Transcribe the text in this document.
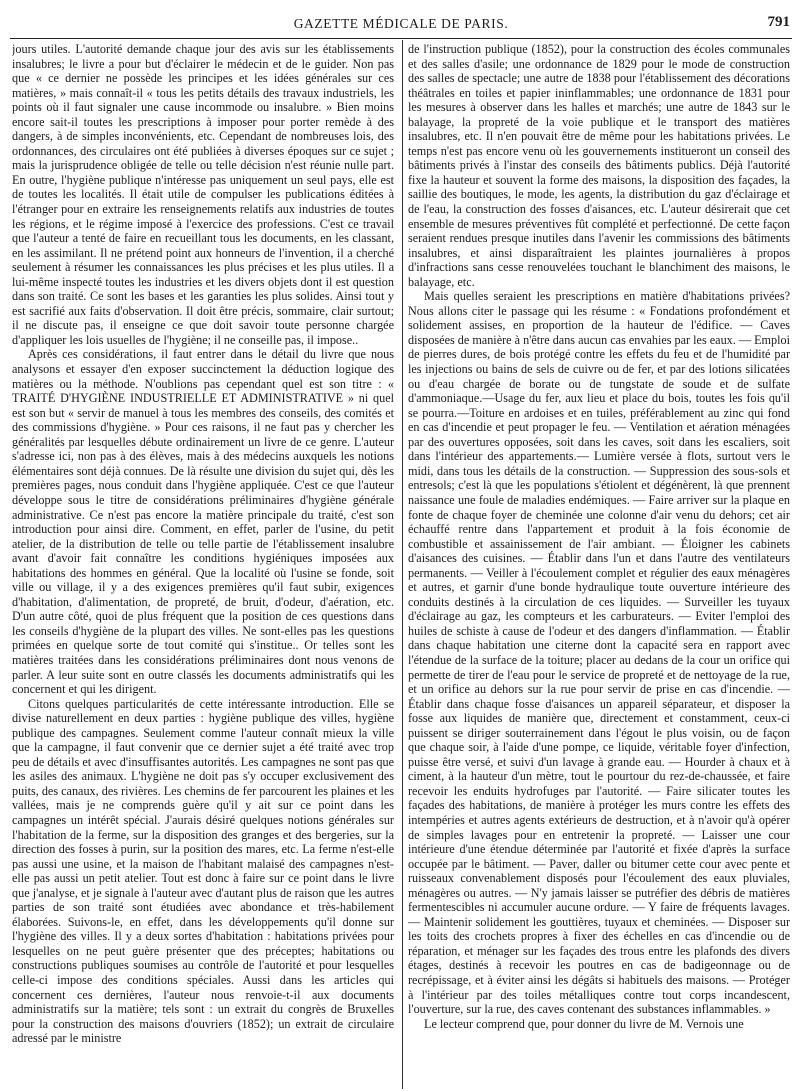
GAZETTE MÉDICALE DE PARIS.	791

jours utiles. L'autorité demande chaque jour des avis sur les établissements insalubres; le livre a pour but d'éclairer le médecin et de le guider. Non pas que « ce dernier ne possède les principes et les idées générales sur ces matières, » mais connaît-il « tous les petits détails des travaux industriels, les points où il faut signaler une cause incommode ou insalubre. » Bien moins encore sait-il toutes les prescriptions à imposer pour porter remède à des dangers, à de simples inconvénients, etc. Cependant de nombreuses lois, des ordonnances, des circulaires ont été publiées à diverses époques sur ce sujet ; mais la jurisprudence obligée de telle ou telle décision n'est réunie nulle part. En outre, l'hygiène publique n'intéresse pas uniquement un seul pays, elle est de toutes les localités. Il était utile de compulser les publications éditées à l'étranger pour en extraire les renseignements relatifs aux industries de toutes les régions, et le régime imposé à l'exercice des professions. C'est ce travail que l'auteur a tenté de faire en recueillant tous les documents, en les classant, en les assimilant. Il ne prétend point aux honneurs de l'invention, il a cherché seulement à résumer les connaissances les plus précises et les plus utiles. Il a lui-même inspecté toutes les industries et les divers objets dont il est question dans son traité. Ce sont les bases et les garanties les plus solides. Ainsi tout y est sacrifié aux faits d'observation. Il doit être précis, sommaire, clair surtout; il ne discute pas, il enseigne ce que doit savoir toute personne chargée d'appliquer les lois usuelles de l'hygiène; il ne conseille pas, il impose..

Après ces considérations, il faut entrer dans le détail du livre que nous analysons et essayer d'en exposer succinctement la déduction logique des matières ou la méthode. N'oublions pas cependant quel est son titre : « TRAITÉ D'HYGIÈNE INDUSTRIELLE ET ADMINISTRATIVE » ni quel est son but « servir de manuel à tous les membres des conseils, des comités et des commissions d'hygiène. » Pour ces raisons, il ne faut pas y chercher les généralités par lesquelles débute ordinairement un livre de ce genre. L'auteur s'adresse ici, non pas à des élèves, mais à des médecins auxquels les notions élémentaires sont déjà connues. De là résulte une division du sujet qui, dès les premières pages, nous conduit dans l'hygiène appliquée. C'est ce que l'auteur développe sous le titre de considérations préliminaires d'hygiène générale administrative. Ce n'est pas encore la matière principale du traité, c'est son introduction pour ainsi dire. Comment, en effet, parler de l'usine, du petit atelier, de la distribution de telle ou telle partie de l'établissement insalubre avant d'avoir fait connaître les conditions hygiéniques imposées aux habitations des hommes en général. Que la localité où l'usine se fonde, soit ville ou village, il y a des exigences premières qu'il faut subir, exigences d'habitation, d'alimentation, de propreté, de bruit, d'odeur, d'aération, etc. D'un autre côté, quoi de plus fréquent que la position de ces questions dans les conseils d'hygiène de la plupart des villes. Ne sont-elles pas les questions primées en quelque sorte de tout comité qui s'institue.. Or telles sont les matières traitées dans les considérations préliminaires dont nous venons de parler. A leur suite sont en outre classés les documents administratifs qui les concernent et qui les dirigent.

Citons quelques particularités de cette intéressante introduction. Elle se divise naturellement en deux parties : hygiène publique des villes, hygiène publique des campagnes. Seulement comme l'auteur connaît mieux la ville que la campagne, il faut convenir que ce dernier sujet a été traité avec trop peu de détails et avec d'insuffisantes autorités. Les campagnes ne sont pas que les asiles des animaux. L'hygiène ne doit pas s'y occuper exclusivement des puits, des canaux, des rivières. Les chemins de fer parcourent les plaines et les vallées, mais je ne comprends guère qu'il y ait sur ce point dans les campagnes un intérêt spécial. J'aurais désiré quelques notions générales sur l'habitation de la ferme, sur la disposition des granges et des bergeries, sur la direction des fosses à purin, sur la position des mares, etc. La ferme n'est-elle pas aussi une usine, et la maison de l'habitant malaisé des campagnes n'est-elle pas aussi un petit atelier. Tout est donc à faire sur ce point dans le livre que j'analyse, et je signale à l'auteur avec d'autant plus de raison que les autres parties de son traité sont étudiées avec abondance et très-habilement élaborées. Suivons-le, en effet, dans les développements qu'il donne sur l'hygiène des villes. Il y a deux sortes d'habitation : habitations privées pour lesquelles on ne peut guère présenter que des préceptes; habitations ou constructions publiques soumises au contrôle de l'autorité et pour lesquelles celle-ci impose des conditions spéciales. Aussi dans les articles qui concernent ces dernières, l'auteur nous renvoie-t-il aux documents administratifs sur la matière; tels sont : un extrait du congrès de Bruxelles pour la construction des maisons d'ouvriers (1852); un extrait de circulaire adressé par le ministre

de l'instruction publique (1852), pour la construction des écoles communales et des salles d'asile; une ordonnance de 1829 pour le mode de construction des salles de spectacle; une autre de 1838 pour l'établissement des décorations théâtrales en toiles et papier ininflammables; une ordonnance de 1831 pour les mesures à observer dans les halles et marchés; une autre de 1843 sur le balayage, la propreté de la voie publique et le transport des matières insalubres, etc. Il n'en pouvait être de même pour les habitations privées. Le temps n'est pas encore venu où les gouvernements institueront un conseil des bâtiments privés à l'instar des conseils des bâtiments publics. Déjà l'autorité fixe la hauteur et souvent la forme des maisons, la disposition des façades, la saillie des boutiques, le mode, les agents, la distribution du gaz d'éclairage et de l'eau, la construction des fosses d'aisances, etc. L'auteur désirerait que cet ensemble de mesures préventives fût complété et perfectionné. De cette façon seraient rendues presque inutiles dans l'avenir les commissions des bâtiments insalubres, et ainsi disparaîtraient les plaintes journalières à propos d'infractions sans cesse renouvelées touchant le blanchiment des maisons, le balayage, etc.

Mais quelles seraient les prescriptions en matière d'habitations privées? Nous allons citer le passage qui les résume : « Fondations profondément et solidement assises, en proportion de la hauteur de l'édifice. — Caves disposées de manière à n'être dans aucun cas envahies par les eaux. — Emploi de pierres dures, de bois protégé contre les effets du feu et de l'humidité par les injections ou bains de sels de cuivre ou de fer, et par des lotions silicatées ou d'eau chargée de borate ou de tungstate de soude et de sulfate d'ammoniaque.—Usage du fer, aux lieu et place du bois, toutes les fois qu'il se pourra.—Toiture en ardoises et en tuiles, préférablement au zinc qui fond en cas d'incendie et peut propager le feu. — Ventilation et aération ménagées par des ouvertures opposées, soit dans les caves, soit dans les escaliers, soit dans l'intérieur des appartements.— Lumière versée à flots, surtout vers le midi, dans tous les détails de la construction. — Suppression des sous-sols et entresols; c'est là que les populations s'étiolent et dégénèrent, là que prennent naissance une foule de maladies endémiques. — Faire arriver sur la plaque en fonte de chaque foyer de cheminée une colonne d'air venu du dehors; cet air échauffé rentre dans l'appartement et produit à la fois économie de combustible et assainissement de l'air ambiant. — Éloigner les cabinets d'aisances des cuisines. — Établir dans l'un et dans l'autre des ventilateurs permanents. — Veiller à l'écoulement complet et régulier des eaux ménagères et autres, et garnir d'une bonde hydraulique toute ouverture intérieure des conduits destinés à la circulation de ces liquides. — Surveiller les tuyaux d'éclairage au gaz, les compteurs et les carburateurs. — Eviter l'emploi des huiles de schiste à cause de l'odeur et des dangers d'inflammation. — Établir dans chaque habitation une citerne dont la capacité sera en rapport avec l'étendue de la surface de la toiture; placer au dedans de la cour un orifice qui permette de tirer de l'eau pour le service de propreté et de nettoyage de la rue, et un orifice au dehors sur la rue pour servir de prise en cas d'incendie. — Établir dans chaque fosse d'aisances un appareil séparateur, et disposer la fosse aux liquides de manière que, directement et constamment, ceux-ci puissent se diriger souterrainement dans l'égout le plus voisin, ou de façon que chaque soir, à l'aide d'une pompe, ce liquide, véritable foyer d'infection, puisse être versé, et suivi d'un lavage à grande eau. — Hourder à chaux et à ciment, à la hauteur d'un mètre, tout le pourtour du rez-de-chaussée, et faire recevoir les enduits hydrofuges par l'autorité. — Faire silicater toutes les façades des habitations, de manière à protéger les murs contre les effets des intempéries et autres agents extérieurs de destruction, et à n'avoir qu'à opérer de simples lavages pour en entretenir la propreté. — Laisser une cour intérieure d'une étendue déterminée par l'autorité et fixée d'après la surface occupée par le bâtiment. — Paver, daller ou bitumer cette cour avec pente et ruisseaux convenablement disposés pour l'écoulement des eaux pluviales, ménagères ou autres. — N'y jamais laisser se putréfier des débris de matières fermentescibles ni accumuler aucune ordure. — Y faire de fréquents lavages. — Maintenir solidement les gouttières, tuyaux et cheminées. — Disposer sur les toits des crochets propres à fixer des échelles en cas d'incendie ou de réparation, et ménager sur les façades des trous entre les plafonds des divers étages, destinés à recevoir les poutres en cas de badigeonnage ou de recrépissage, et à éviter ainsi les dégâts si habituels des maisons. — Protéger à l'intérieur par des toiles métalliques contre tout corps incandescent, l'ouverture, sur la rue, des caves contenant des substances inflammables. »

Le lecteur comprend que, pour donner du livre de M. Vernois une
